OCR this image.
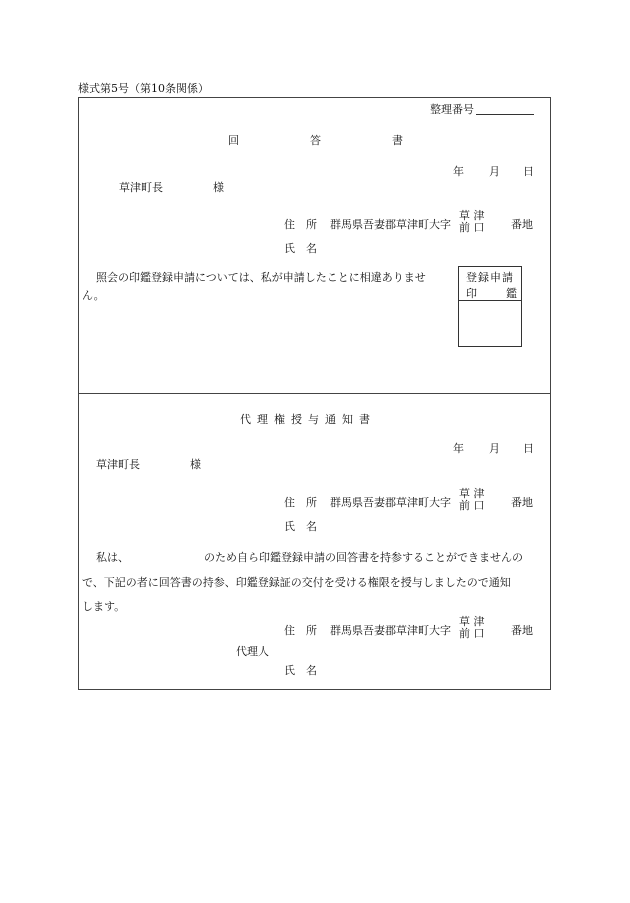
様式第5号（第10条関係）
整理番号
回	答	書
年 月 日
草津町長	様
住　所 群馬県吾妻郡草津町大字
草 津
前 口 番地
氏　名
照会の印鑑登録申請については、私が申請したことに相違ありませ
ん。
登録申請
印	鑑
代理権授与通知書
年 月 日
草津町長	様
住　所 群馬県吾妻郡草津町大字
草 津
前 口 番地
氏　名
私は、	のため自ら印鑑登録申請の回答書を持参することができませんの
で、下記の者に回答書の持参、印鑑登録証の交付を受ける権限を授与しましたので通知
します。
住　所 群馬県吾妻郡草津町大字
草 津
前 口 番地
代理人
氏　名
